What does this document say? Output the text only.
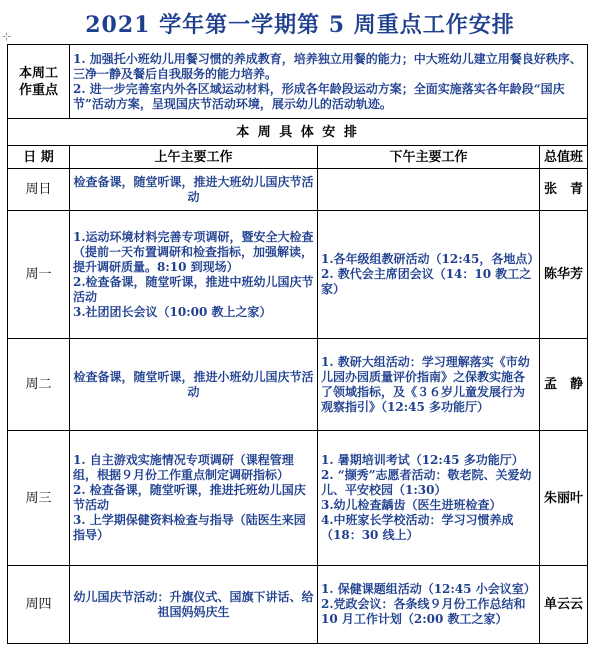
2021 学年第一学期第 5 周重点工作安排
⊹
本周工作重点	1. 加强托小班幼儿用餐习惯的养成教育，培养独立用餐的能力；中大班幼儿建立用餐良好秩序、三净一静及餐后自我服务的能力培养。
2. 进一步完善室内外各区域运动材料，形成各年龄段运动方案；全面实施落实各年龄段“国庆节”活动方案，呈现国庆节活动环境，展示幼儿的活动轨迹。		

本 周 具 体 安 排			
日 期	上午主要工作	下午主要工作	总值班
周日	检查备课，随堂听课，推进大班幼儿国庆节活动		张　青
周一	1.运动环境材料完善专项调研，暨安全大检查（提前一天布置调研和检查指标，加强解读，提升调研质量。8:10 到现场）
2.检查备课，随堂听课，推进中班幼儿国庆节活动
3.社团团长会议（10:00 教上之家）	1.各年级组教研活动（12:45，各地点）
2. 教代会主席团会议（14：10 教工之家）	陈华芳
周二	检查备课，随堂听课，推进小班幼儿国庆节活动	1. 教研大组活动：学习理解落实《市幼儿园办园质量评价指南》之保教实施各了领域指标，及《３６岁儿童发展行为观察指引》（12:45 多功能厅）	孟　静
周三	1. 自主游戏实施情况专项调研（课程管理组，根据９月份工作重点制定调研指标）
2. 检查备课，随堂听课，推进托班幼儿国庆节活动
3. 上学期保健资料检查与指导（陆医生来园指导）	1. 暑期培训考试（12:45 多功能厅）
2. “撷秀”志愿者活动：敬老院、关爱幼儿、平安校园（1:30）
3.幼儿检查龋齿（医生进班检查）
4.中班家长学校活动：学习习惯养成（18：30 线上）	朱丽叶
周四	幼儿国庆节活动：升旗仪式、国旗下讲话、给祖国妈妈庆生	1. 保健课题组活动（12:45 小会议室）
2.党政会议：各条线９月份工作总结和 10 月工作计划（2:00 教工之家）	单云云
